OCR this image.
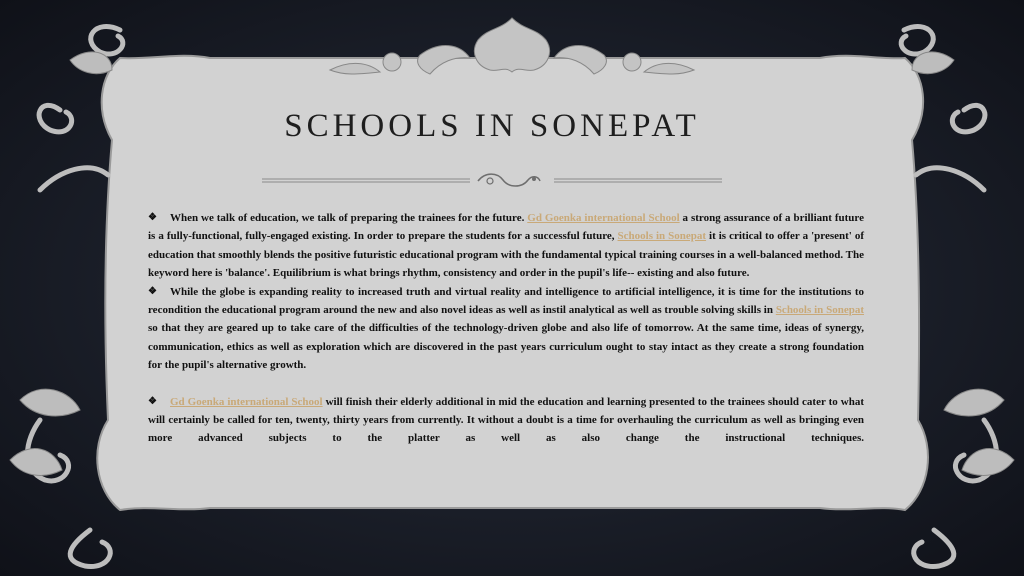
SCHOOLS IN SONEPAT

❖ When we talk of education, we talk of preparing the trainees for the future. Gd Goenka international School a strong assurance of a brilliant future is a fully-functional, fully-engaged existing. In order to prepare the students for a successful future, Schools in Sonepat it is critical to offer a 'present' of education that smoothly blends the positive futuristic educational program with the fundamental typical training courses in a well-balanced method. The keyword here is 'balance'. Equilibrium is what brings rhythm, consistency and order in the pupil's life-- existing and also future.

❖ While the globe is expanding reality to increased truth and virtual reality and intelligence to artificial intelligence, it is time for the institutions to recondition the educational program around the new and also novel ideas as well as instil analytical as well as trouble solving skills in Schools in Sonepat so that they are geared up to take care of the difficulties of the technology-driven globe and also life of tomorrow. At the same time, ideas of synergy, communication, ethics as well as exploration which are discovered in the past years curriculum ought to stay intact as they create a strong foundation for the pupil's alternative growth.

❖ Gd Goenka international School will finish their elderly additional in mid the education and learning presented to the trainees should cater to what will certainly be called for ten, twenty, thirty years from currently. It without a doubt is a time for overhauling the curriculum as well as bringing even more advanced subjects to the platter as well as also change the instructional techniques.
